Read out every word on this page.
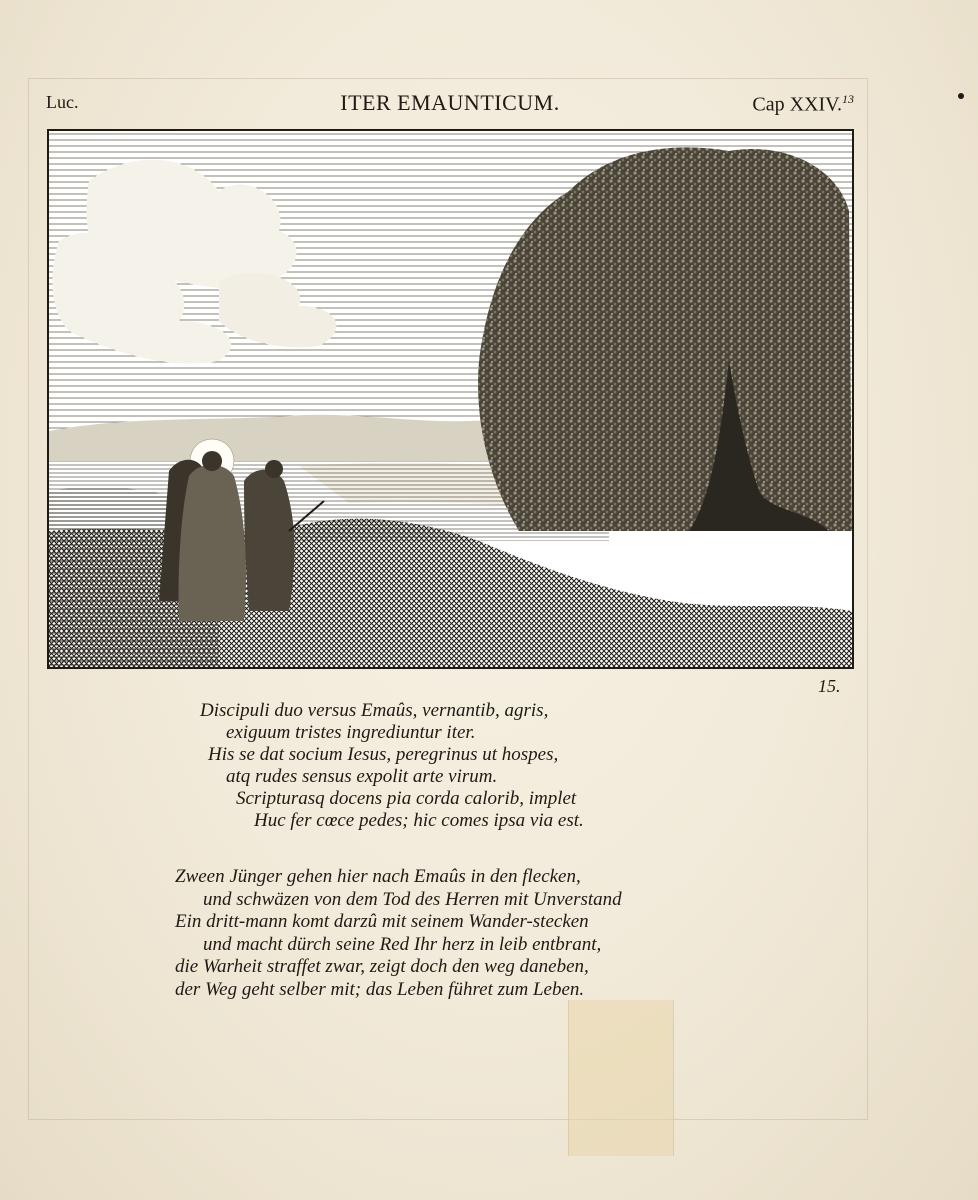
Luc.	ITER EMAUNTICUM.	Cap XXIV.$^{13}$
15.
Discipuli duo versus Emaûs, vernantib, agris,
exiguum tristes ingrediuntur iter.
His se dat socium Iesus, peregrinus ut hospes,
atq rudes sensus expolit arte virum.
Scripturasq docens pia corda calorib, implet
Huc fer cœce pedes; hic comes ipsa via est.
Zween Jünger gehen hier nach Emaûs in den flecken,
und schwäzen von dem Tod des Herren mit Unverstand
Ein dritt-mann komt darzû mit seinem Wander-stecken
und macht dürch seine Red Ihr herz in leib entbrant,
die Warheit straffet zwar, zeigt doch den weg daneben,
der Weg geht selber mit; das Leben führet zum Leben.
